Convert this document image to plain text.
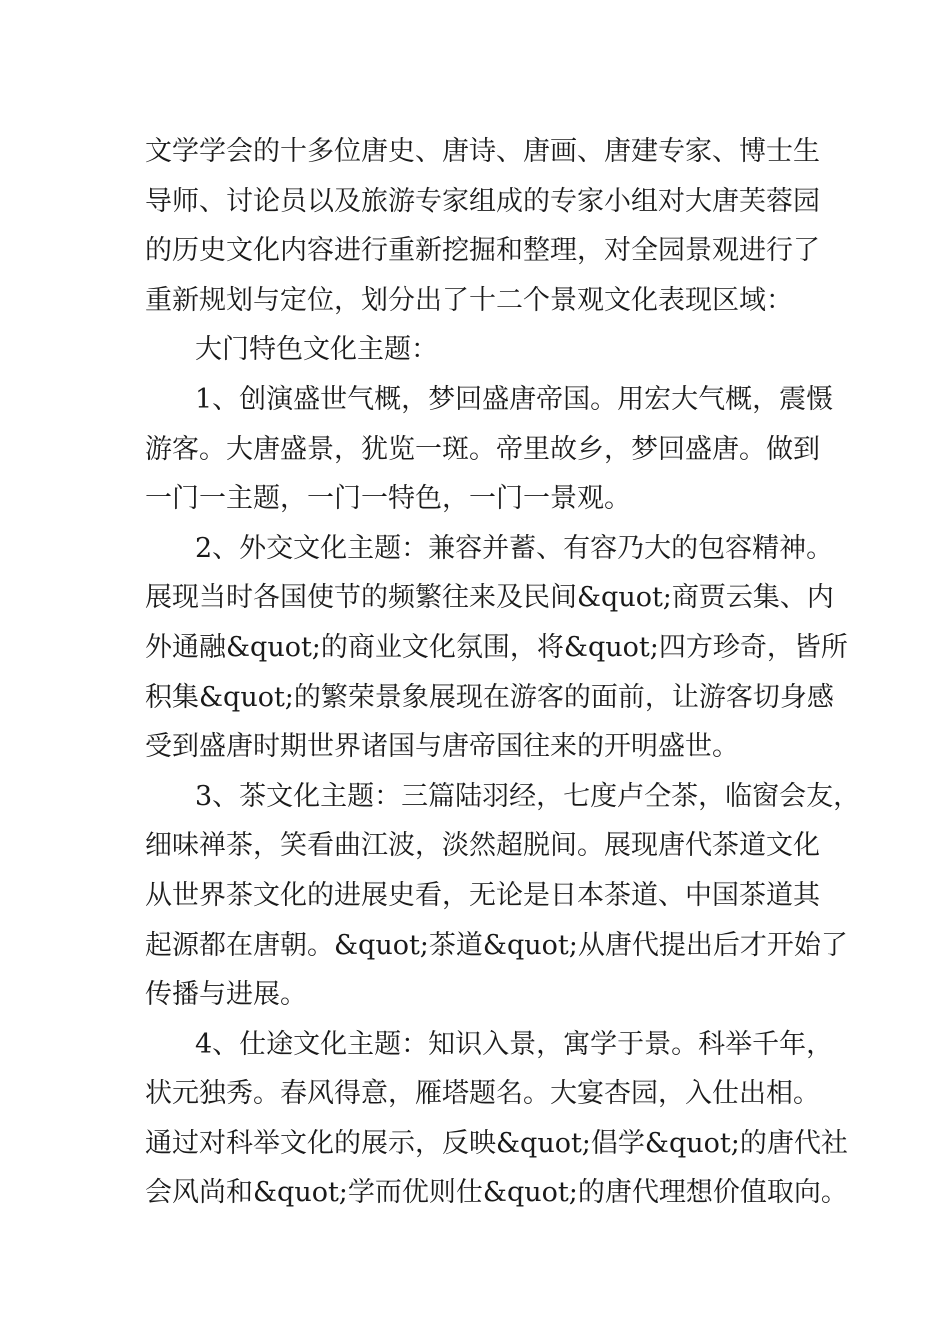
文学学会的十多位唐史、唐诗、唐画、唐建专家、博士生
导师、讨论员以及旅游专家组成的专家小组对大唐芙蓉园
的历史文化内容进行重新挖掘和整理，对全园景观进行了
重新规划与定位，划分出了十二个景观文化表现区域：
大门特色文化主题：
1、创演盛世气概，梦回盛唐帝国。用宏大气概，震慑
游客。大唐盛景，犹览一斑。帝里故乡，梦回盛唐。做到
一门一主题，一门一特色，一门一景观。
2、外交文化主题：兼容并蓄、有容乃大的包容精神。
展现当时各国使节的频繁往来及民间&quot;商贾云集、内
外通融&quot;的商业文化氛围，将&quot;四方珍奇，皆所
积集&quot;的繁荣景象展现在游客的面前，让游客切身感
受到盛唐时期世界诸国与唐帝国往来的开明盛世。
3、茶文化主题：三篇陆羽经，七度卢仝茶，临窗会友，
细味禅茶，笑看曲江波，淡然超脱间。展现唐代茶道文化
从世界茶文化的进展史看，无论是日本茶道、中国茶道其
起源都在唐朝。&quot;茶道&quot;从唐代提出后才开始了
传播与进展。
4、仕途文化主题：知识入景，寓学于景。科举千年，
状元独秀。春风得意，雁塔题名。大宴杏园，入仕出相。
通过对科举文化的展示，反映&quot;倡学&quot;的唐代社
会风尚和&quot;学而优则仕&quot;的唐代理想价值取向。
